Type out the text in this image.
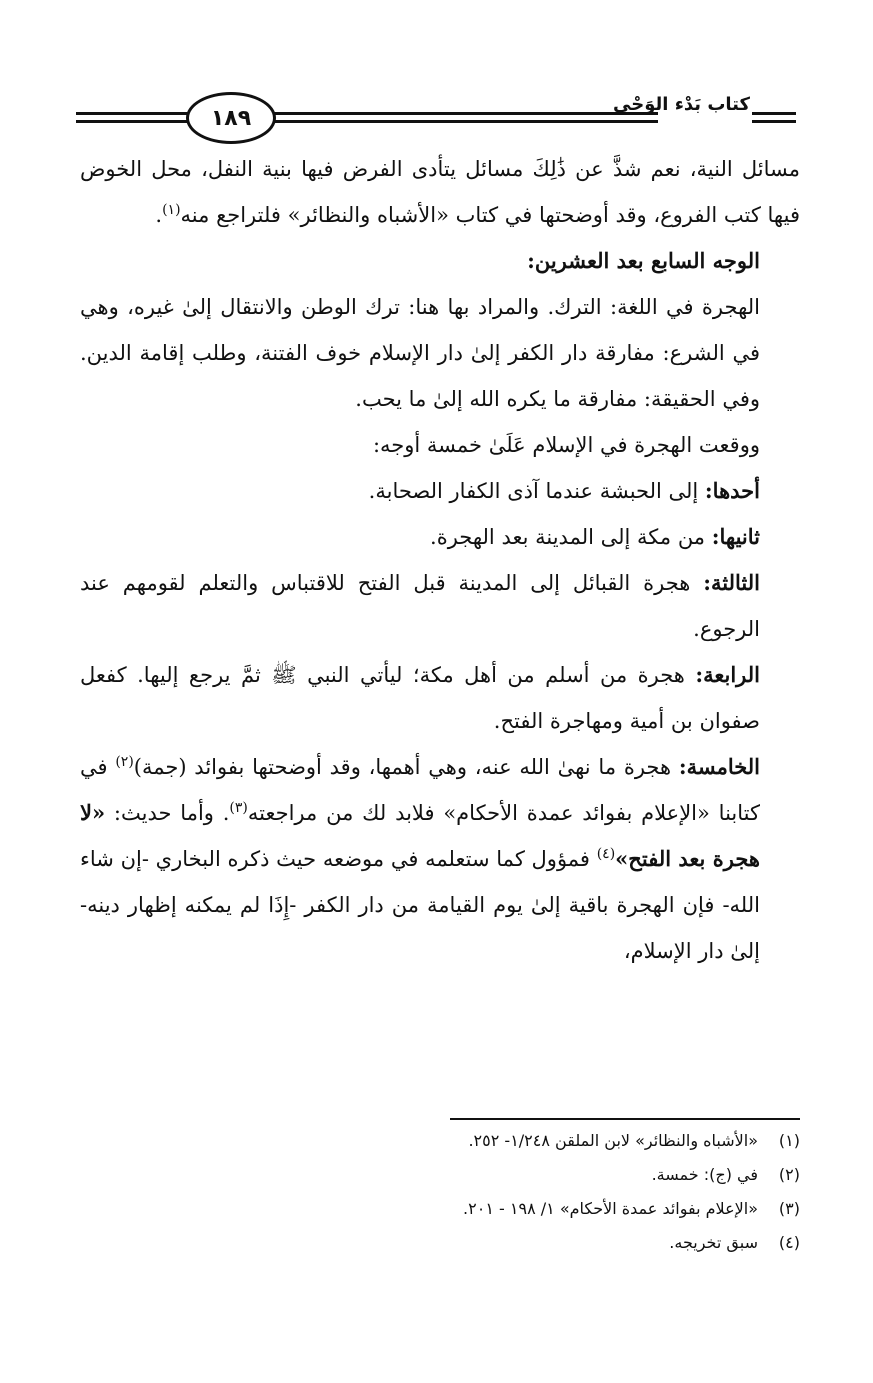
١٨٩
كتاب بَدْء الوَحْي

مسائل النية، نعم شذَّ عن ذَٰلِكَ مسائل يتأدى الفرض فيها بنية النفل، محل الخوض فيها كتب الفروع، وقد أوضحتها في كتاب «الأشباه والنظائر» فلتراجع منه$^{(١)}$.

الوجه السابع بعد العشرين:

الهجرة في اللغة: الترك. والمراد بها هنا: ترك الوطن والانتقال إلىٰ غيره، وهي في الشرع: مفارقة دار الكفر إلىٰ دار الإسلام خوف الفتنة، وطلب إقامة الدين. وفي الحقيقة: مفارقة ما يكره الله إلىٰ ما يحب.

ووقعت الهجرة في الإسلام عَلَىٰ خمسة أوجه:

أحدها: إلى الحبشة عندما آذى الكفار الصحابة.

ثانيها: من مكة إلى المدينة بعد الهجرة.

الثالثة: هجرة القبائل إلى المدينة قبل الفتح للاقتباس والتعلم لقومهم عند الرجوع.

الرابعة: هجرة من أسلم من أهل مكة؛ ليأتي النبي ﷺ ثمَّ يرجع إليها. كفعل صفوان بن أمية ومهاجرة الفتح.

الخامسة: هجرة ما نهىٰ الله عنه، وهي أهمها، وقد أوضحتها بفوائد (جمة)$^{(٢)}$ في كتابنا «الإعلام بفوائد عمدة الأحكام» فلابد لك من مراجعته$^{(٣)}$. وأما حديث: «لا هجرة بعد الفتح»$^{(٤)}$ فمؤول كما ستعلمه في موضعه حيث ذكره البخاري -إن شاء الله- فإن الهجرة باقية إلىٰ يوم القيامة من دار الكفر -إِذَا لم يمكنه إظهار دينه- إلىٰ دار الإسلام،

(١)
«الأشباه والنظائر» لابن الملقن ١/٢٤٨- ٢٥٢.
(٢)
في (ج): خمسة.
(٣)
«الإعلام بفوائد عمدة الأحكام» ١/ ١٩٨ - ٢٠١.
(٤)
سبق تخريجه.
